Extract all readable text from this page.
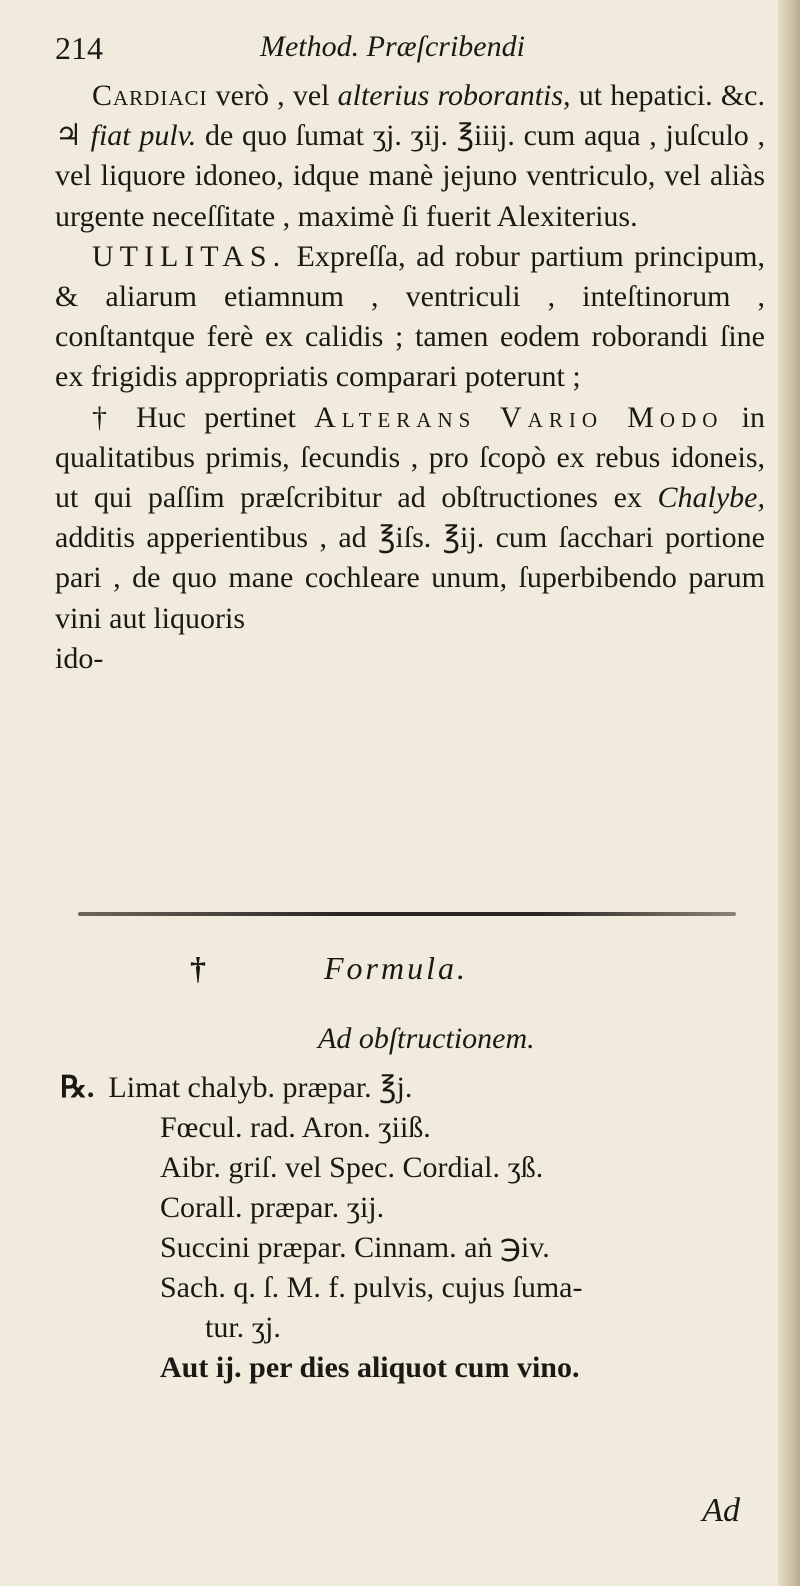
214	Method. Præſcribendi

Cardiaci verò , vel alterius roborantis, ut hepatici. &c. ♃ fiat pulv. de quo ſumat ʒj. ʒij. ℥iiij. cum aqua , juſculo , vel liquore idoneo, idque manè jejuno ventriculo, vel aliàs urgente neceſſitate , maximè ſi fuerit Alexiterius.

UTILITAS. Expreſſa, ad robur partium principum, & aliarum etiamnum , ventriculi , inteſtinorum , conſtantque ferè ex calidis ; tamen eodem roborandi ſine ex frigidis appropriatis comparari poterunt ;

† Huc pertinet Alterans Vario Modo in qualitatibus primis, ſecundis , pro ſcopò ex rebus idoneis, ut qui paſſim præſcribitur ad obſtructiones ex Chalybe, additis apperientibus , ad ℥iſs. ℥ij. cum ſacchari portione pari , de quo mane cochleare unum, ſuperbibendo parum vini aut liquoris

ido-

†	Formula.
Ad obſtructionem.
℞. Limat chalyb. præpar. ℥j.
Fœcul. rad. Aron. ʒiiß.
Aibr. griſ. vel Spec. Cordial. ʒß.
Corall. præpar. ʒij.
Succini præpar. Cinnam. aṅ ℈iv.
Sach. q. ſ. M. f. pulvis, cujus ſuma-
tur. ʒj.
Aut ij. per dies aliquot cum vino.
Ad
